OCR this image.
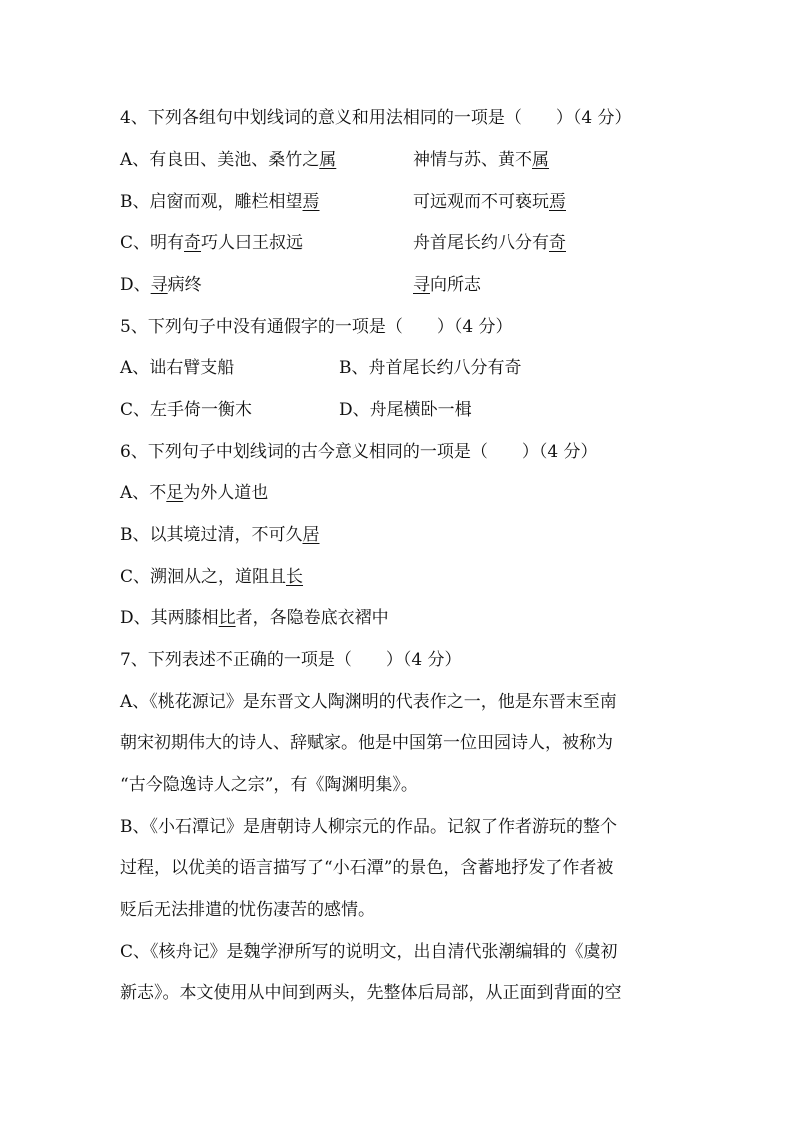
4、下列各组句中划线词的意义和用法相同的一项是（　　）（4 分）
A、有良田、美池、桑竹之属	神情与苏、黄不属
B、启窗而观，雕栏相望焉	可远观而不可亵玩焉
C、明有奇巧人曰王叔远	舟首尾长约八分有奇
D、寻病终	寻向所志
5、下列句子中没有通假字的一项是（　　）（4 分）
A、诎右臂支船	B、舟首尾长约八分有奇
C、左手倚一衡木	D、舟尾横卧一楫
6、下列句子中划线词的古今意义相同的一项是（　　）（4 分）
A、不足为外人道也
B、以其境过清，不可久居
C、溯洄从之，道阻且长
D、其两膝相比者，各隐卷底衣褶中
7、下列表述不正确的一项是（　　）（4 分）
A、《桃花源记》是东晋文人陶渊明的代表作之一，他是东晋末至南
朝宋初期伟大的诗人、辞赋家。他是中国第一位田园诗人，被称为
“古今隐逸诗人之宗”，有《陶渊明集》。
B、《小石潭记》是唐朝诗人柳宗元的作品。记叙了作者游玩的整个
过程，以优美的语言描写了“小石潭”的景色，含蓄地抒发了作者被
贬后无法排遣的忧伤凄苦的感情。
C、《核舟记》是魏学洢所写的说明文，出自清代张潮编辑的《虞初
新志》。本文使用从中间到两头，先整体后局部，从正面到背面的空
